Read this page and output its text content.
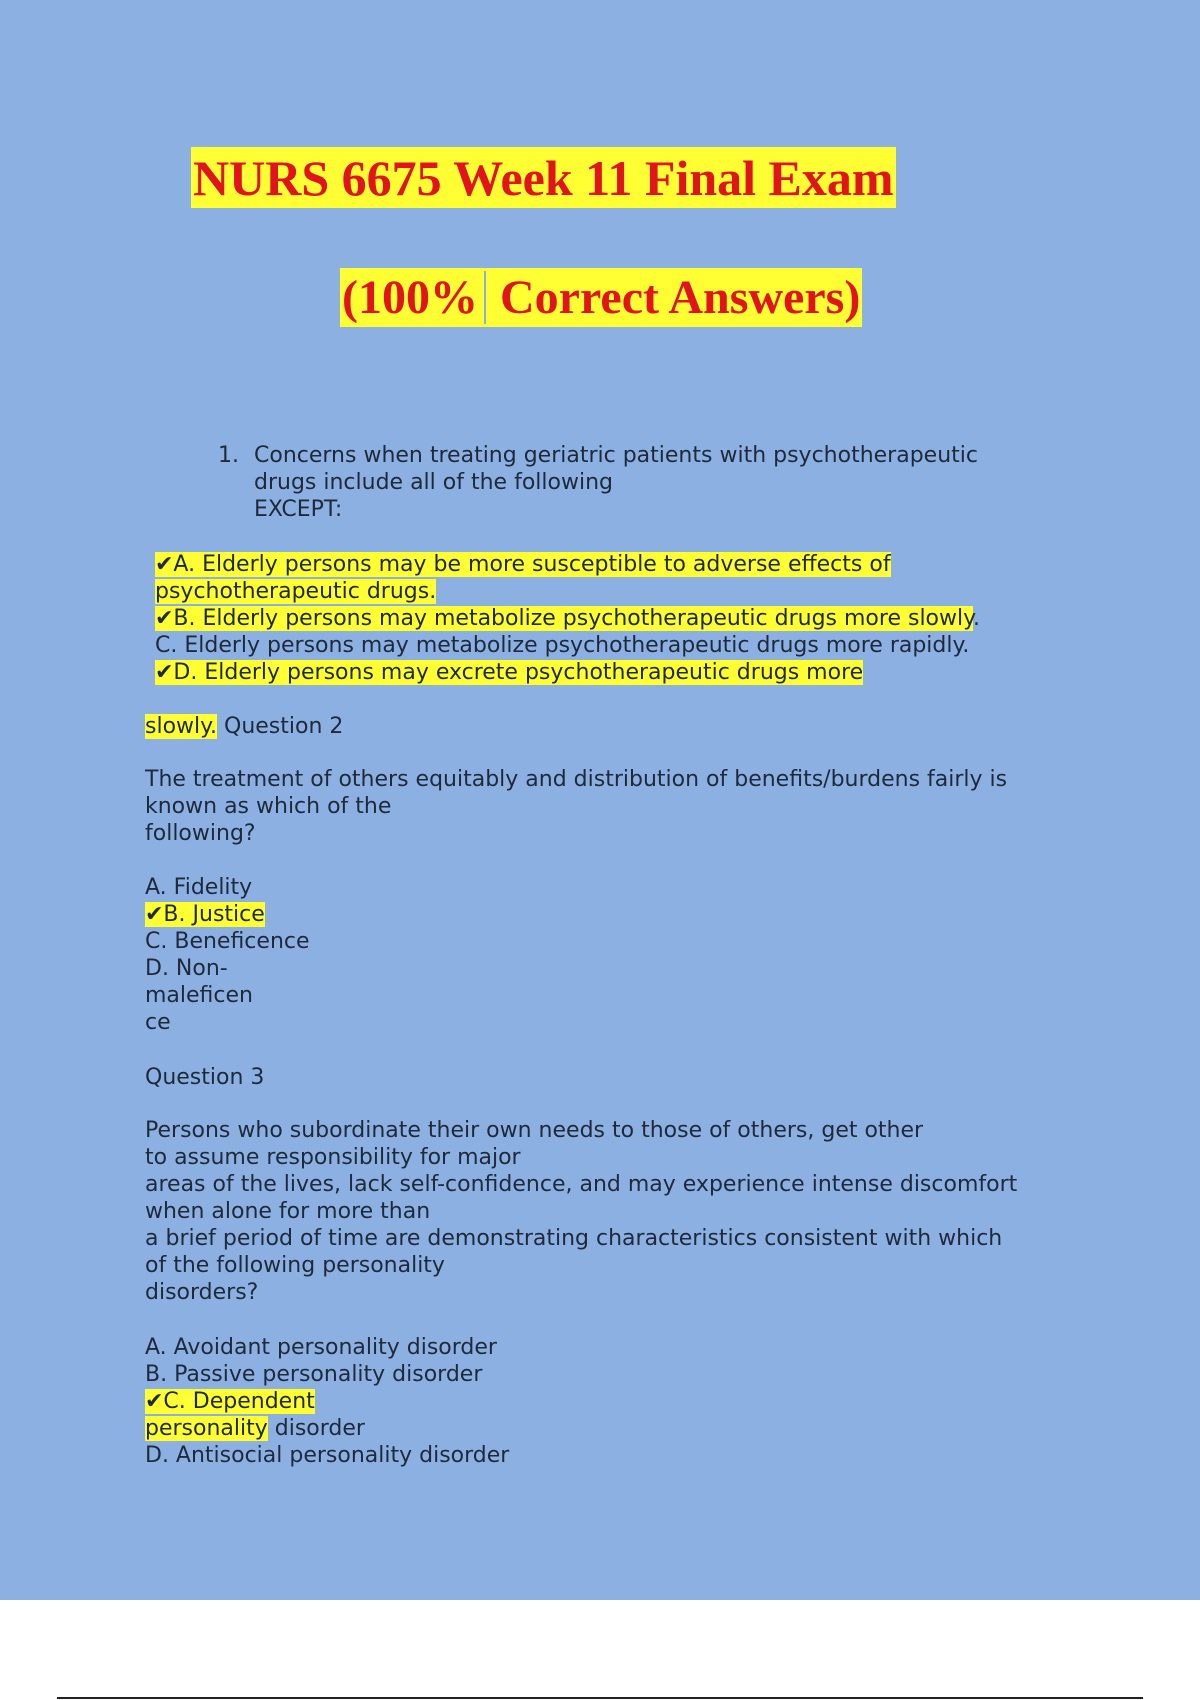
NURS 6675 Week 11 Final Exam
(100% Correct Answers)
1. Concerns when treating geriatric patients with psychotherapeutic
drugs include all of the following
EXCEPT:
✔A. Elderly persons may be more susceptible to adverse effects of
psychotherapeutic drugs.
✔B. Elderly persons may metabolize psychotherapeutic drugs more slowly.
C. Elderly persons may metabolize psychotherapeutic drugs more rapidly.
✔D. Elderly persons may excrete psychotherapeutic drugs more
slowly. Question 2
The treatment of others equitably and distribution of benefits/burdens fairly is
known as which of the
following?
A. Fidelity
✔B. Justice
C. Beneficence
D. Non-
maleficen
ce
Question 3
Persons who subordinate their own needs to those of others, get other
to assume responsibility for major
areas of the lives, lack self-confidence, and may experience intense discomfort
when alone for more than
a brief period of time are demonstrating characteristics consistent with which
of the following personality
disorders?
A. Avoidant personality disorder
B. Passive personality disorder
✔C. Dependent
personality disorder
D. Antisocial personality disorder
